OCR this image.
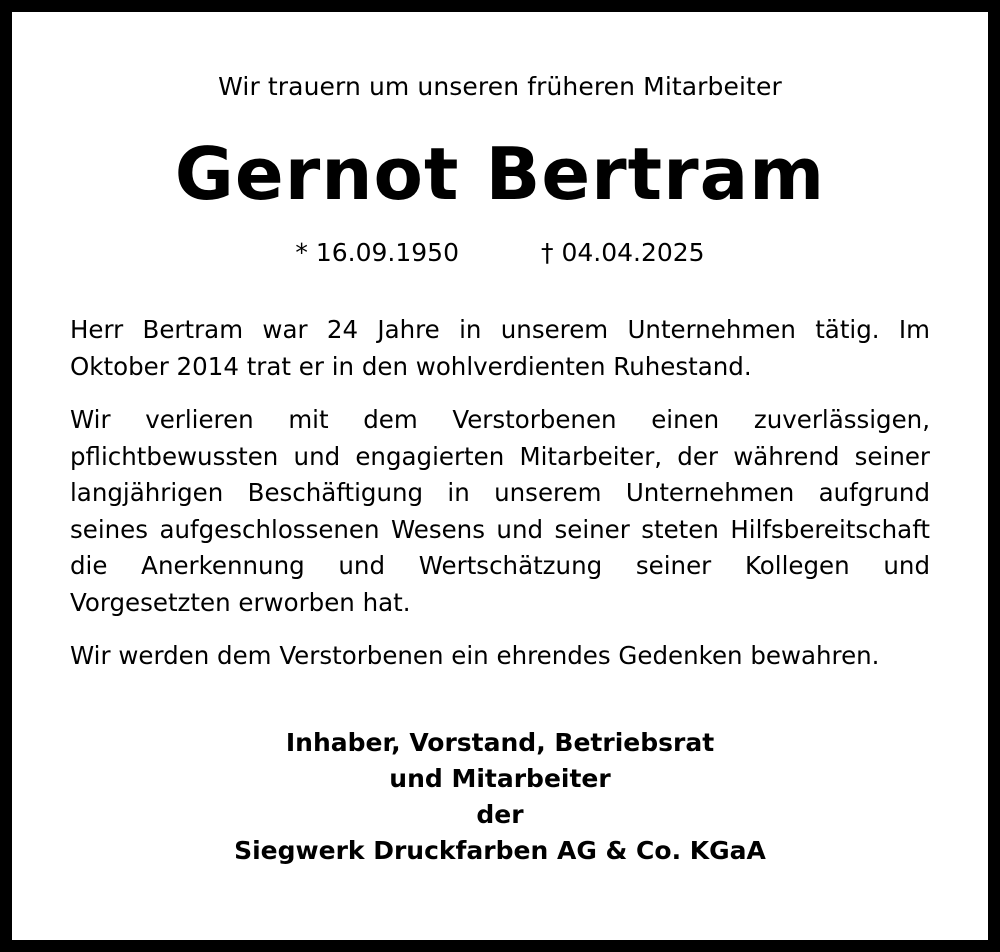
Wir trauern um unseren früheren Mitarbeiter

Gernot Bertram
* 16.09.1950	† 04.04.2025

Herr Bertram war 24 Jahre in unserem Unternehmen tätig. Im Oktober 2014 trat er in den wohlverdienten Ruhestand.

Wir verlieren mit dem Verstorbenen einen zuverlässigen, pflichtbewussten und engagierten Mitarbeiter, der während seiner langjährigen Beschäftigung in unserem Unternehmen aufgrund seines aufgeschlossenen Wesens und seiner steten Hilfsbereitschaft die Anerkennung und Wertschätzung seiner Kollegen und Vorgesetzten erworben hat.

Wir werden dem Verstorbenen ein ehrendes Gedenken bewahren.

Inhaber, Vorstand, Betriebsrat
und Mitarbeiter
der
Siegwerk Druckfarben AG & Co. KGaA
